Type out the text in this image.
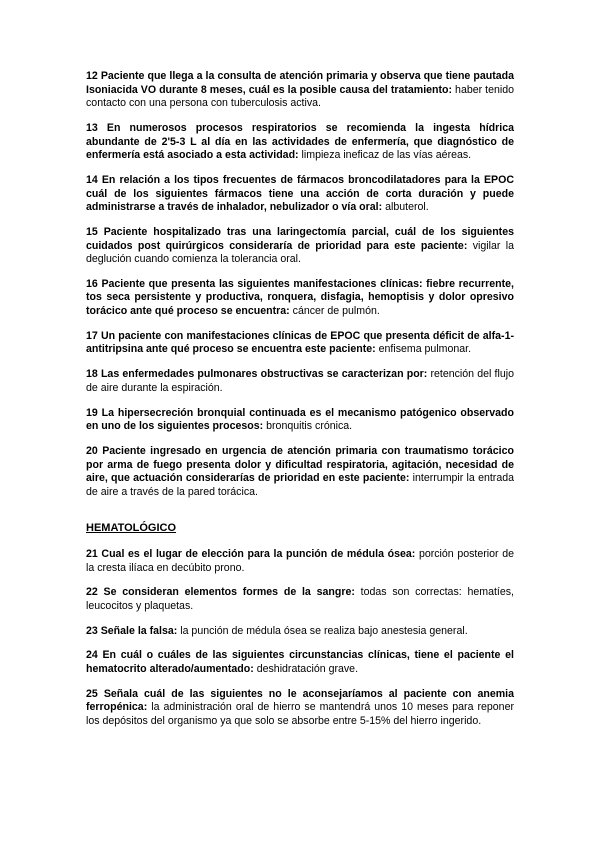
12 Paciente que llega a la consulta de atención primaria y observa que tiene pautada Isoniacida VO durante 8 meses, cuál es la posible causa del tratamiento: haber tenido contacto con una persona con tuberculosis activa.

13 En numerosos procesos respiratorios se recomienda la ingesta hídrica abundante de 2'5-3 L al día en las actividades de enfermería, que diagnóstico de enfermería está asociado a esta actividad: limpieza ineficaz de las vías aéreas.

14 En relación a los tipos frecuentes de fármacos broncodilatadores para la EPOC cuál de los siguientes fármacos tiene una acción de corta duración y puede administrarse a través de inhalador, nebulizador o vía oral: albuterol.

15 Paciente hospitalizado tras una laringectomía parcial, cuál de los siguientes cuidados post quirúrgicos consideraría de prioridad para este paciente: vigilar la deglución cuando comienza la tolerancia oral.

16 Paciente que presenta las siguientes manifestaciones clínicas: fiebre recurrente, tos seca persistente y productiva, ronquera, disfagia, hemoptisis y dolor opresivo torácico ante qué proceso se encuentra: cáncer de pulmón.

17 Un paciente con manifestaciones clínicas de EPOC que presenta déficit de alfa-1-antitripsina ante qué proceso se encuentra este paciente: enfisema pulmonar.

18 Las enfermedades pulmonares obstructivas se caracterizan por: retención del flujo de aire durante la espiración.

19 La hipersecreción bronquial continuada es el mecanismo patógenico observado en uno de los siguientes procesos: bronquitis crónica.

20 Paciente ingresado en urgencia de atención primaria con traumatismo torácico por arma de fuego presenta dolor y dificultad respiratoria, agitación, necesidad de aire, que actuación considerarías de prioridad en este paciente: interrumpir la entrada de aire a través de la pared torácica.

HEMATOLÓGICO

21 Cual es el lugar de elección para la punción de médula ósea: porción posterior de la cresta ilíaca en decúbito prono.

22 Se consideran elementos formes de la sangre: todas son correctas: hematíes, leucocitos y plaquetas.

23 Señale la falsa: la punción de médula ósea se realiza bajo anestesia general.

24 En cuál o cuáles de las siguientes circunstancias clínicas, tiene el paciente el hematocrito alterado/aumentado: deshidratación grave.

25 Señala cuál de las siguientes no le aconsejaríamos al paciente con anemia ferropénica: la administración oral de hierro se mantendrá unos 10 meses para reponer los depósitos del organismo ya que solo se absorbe entre 5-15% del hierro ingerido.
